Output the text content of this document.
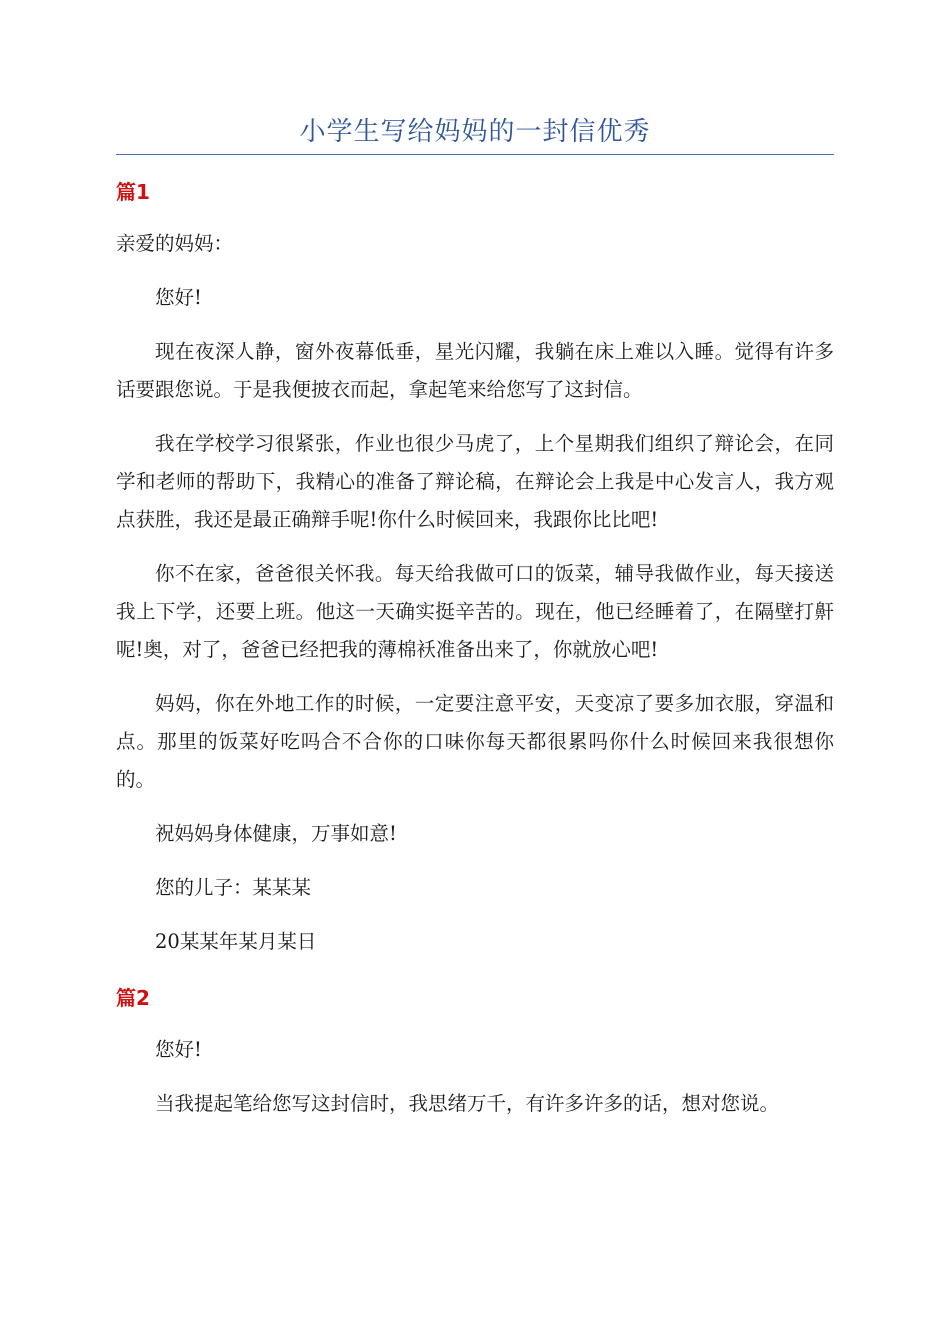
小学生写给妈妈的一封信优秀
篇1

亲爱的妈妈：

您好!

现在夜深人静，窗外夜幕低垂，星光闪耀，我躺在床上难以入睡。觉得有许多话要跟您说。于是我便披衣而起，拿起笔来给您写了这封信。

我在学校学习很紧张，作业也很少马虎了，上个星期我们组织了辩论会，在同学和老师的帮助下，我精心的准备了辩论稿，在辩论会上我是中心发言人，我方观点获胜，我还是最正确辩手呢!你什么时候回来，我跟你比比吧!

你不在家，爸爸很关怀我。每天给我做可口的饭菜，辅导我做作业，每天接送我上下学，还要上班。他这一天确实挺辛苦的。现在，他已经睡着了，在隔壁打鼾呢!奥，对了，爸爸已经把我的薄棉袄准备出来了，你就放心吧!

妈妈，你在外地工作的时候，一定要注意平安，天变凉了要多加衣服，穿温和点。那里的饭菜好吃吗合不合你的口味你每天都很累吗你什么时候回来我很想你的。

祝妈妈身体健康，万事如意!

您的儿子：某某某

20某某年某月某日

篇2

您好!

当我提起笔给您写这封信时，我思绪万千，有许多许多的话，想对您说。
